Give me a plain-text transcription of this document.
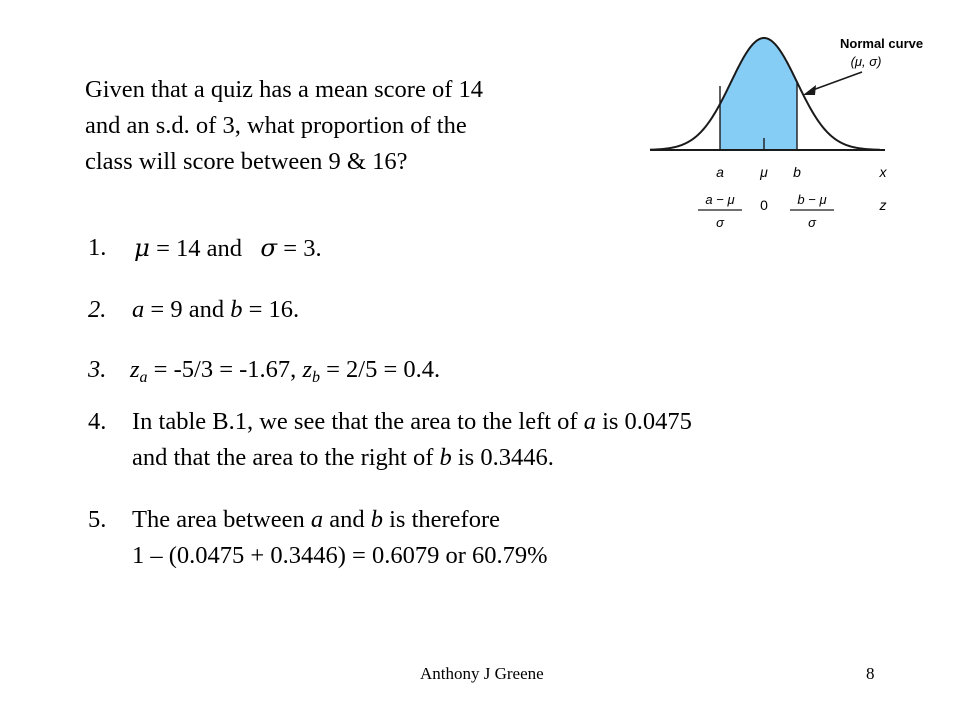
Given that a quiz has a mean score of 14
and an s.d. of 3, what proportion of the
class will score between 9 & 16?
Normal curve
(μ, σ)
a	μ b	x
a − μ
σ
0 b − μ
σ
z
1. μ = 14 and   σ = 3.
2. a = 9 and b = 16.
3. $z_a = -5/3 = -1.67$, $z_b = 2/5 = 0.4$.
4. In table B.1, we see that the area to the left of a is 0.0475
and that the area to the right of b is 0.3446.
5. The area between a and b is therefore
1 – (0.0475 + 0.3446) = 0.6079 or 60.79%
Anthony J Greene	8
